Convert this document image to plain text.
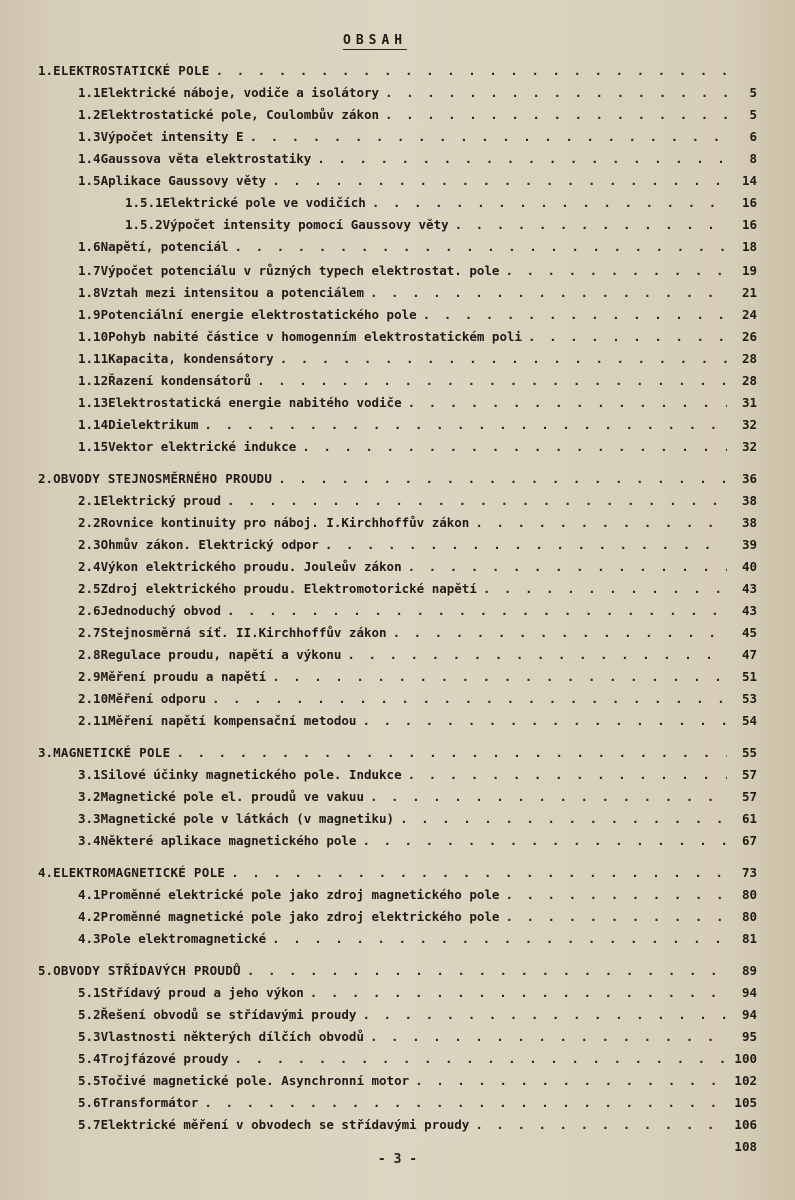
OBSAH
1. ELEKTROSTATICKÉ POLE
. . .
1.1 Elektrické náboje, vodiče a isolátory . . .	5
1.2 Elektrostatické pole, Coulombův zákon . . .	5
1.3 Výpočet intensity E . . .	6
1.4 Gaussova věta elektrostatiky . . .	8
1.5 Aplikace Gaussovy věty . . .	14
1.5.1 Elektrické pole ve vodičích . . .	16
1.5.2 Výpočet intensity pomocí Gaussovy věty . . .	16
1.6 Napětí, potenciál . . .	18
1.7 Výpočet potenciálu v různých typech elektrostat. pole . . .	19
1.8 Vztah mezi intensitou a potenciálem . . .	21
1.9 Potenciální energie elektrostatického pole . . .	24
1.10 Pohyb nabité částice v homogenním elektrostatickém poli . . .	26
1.11 Kapacita, kondensátory . . .	28
1.12 Řazení kondensátorů . . .	28
1.13 Elektrostatická energie nabitého vodiče . . .	31
1.14 Dielektrikum . . .	32
1.15 Vektor elektrické indukce . . .	32
2. OBVODY STEJNOSMĚRNÉHO PROUDU . . .	36
2.1 Elektrický proud . . .	38
2.2 Rovnice kontinuity pro náboj. I.Kirchhoffův zákon . . .	38
2.3 Ohmův zákon. Elektrický odpor . . .	39
2.4 Výkon elektrického proudu. Jouleův zákon . . .	40
2.5 Zdroj elektrického proudu. Elektromotorické napětí . . .	43
2.6 Jednoduchý obvod . . .	43
2.7 Stejnosměrná síť. II.Kirchhoffův zákon . . .	45
2.8 Regulace proudu, napětí a výkonu . . .	47
2.9 Měření proudu a napětí . . .	51
2.10 Měření odporu . . .	53
2.11 Měření napětí kompensační metodou . . .	54
3. MAGNETICKÉ POLE . . .	55
3.1 Silové účinky magnetického pole. Indukce . . .	57
3.2 Magnetické pole el. proudů ve vakuu . . .	57
3.3 Magnetické pole v látkách (v magnetiku) . . .	61
3.4 Některé aplikace magnetického pole . . .	67
4. ELEKTROMAGNETICKÉ POLE . . .	73
4.1 Proměnné elektrické pole jako zdroj magnetického pole . . .	80
4.2 Proměnné magnetické pole jako zdroj elektrického pole . . .	80
4.3 Pole elektromagnetické . . .	81
5. OBVODY STŘÍDAVÝCH PROUDŮ . . .	89
5.1 Střídavý proud a jeho výkon . . .	94
5.2 Řešení obvodů se střídavými proudy . . .	94
5.3 Vlastnosti některých dílčích obvodů . . .	95
5.4 Trojfázové proudy . . .	100
5.5 Točivé magnetické pole. Asynchronní motor . . .	102
5.6 Transformátor . . .	105
5.7 Elektrické měření v obvodech se střídavými proudy . . .	106
108
- 3 -
